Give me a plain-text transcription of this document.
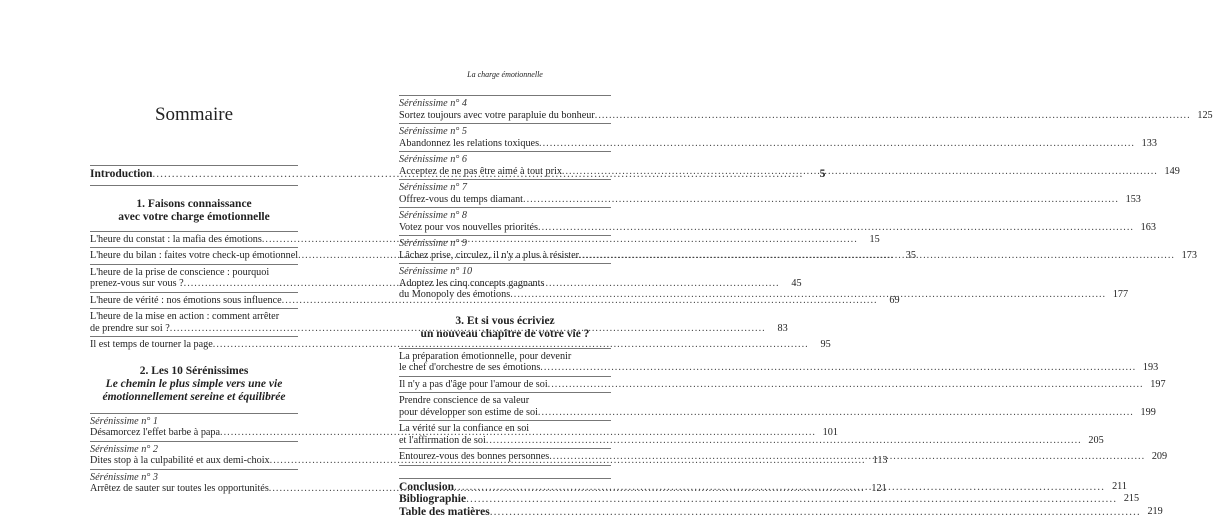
Sommaire
La charge émotionnelle
Introduction .....	5
1. Faisons connaissance
avec votre charge émotionnelle
L'heure du constat : la mafia des émotions .....	15
L'heure du bilan : faites votre check-up émotionnel .....	35
L'heure de la prise de conscience : pourquoi
prenez-vous sur vous ? .....	45
L'heure de vérité : nos émotions sous influence .....	69
L'heure de la mise en action : comment arrêter
de prendre sur soi ? .....	83
Il est temps de tourner la page .....	95
2. Les 10 Sérénissimes
Le chemin le plus simple vers une vie
émotionnellement sereine et équilibrée
Sérénissime n° 1
Désamorcez l'effet barbe à papa .....	101
Sérénissime n° 2
Dites stop à la culpabilité et aux demi-choix .....	113
Sérénissime n° 3
Arrêtez de sauter sur toutes les opportunités .....	121
Sérénissime n° 4
Sortez toujours avec votre parapluie du bonheur .....	125
Sérénissime n° 5
Abandonnez les relations toxiques .....	133
Sérénissime n° 6
Acceptez de ne pas être aimé à tout prix .....	149
Sérénissime n° 7
Offrez-vous du temps diamant .....	153
Sérénissime n° 8
Votez pour vos nouvelles priorités .....	163
Sérénissime n° 9
Lâchez prise, circulez, il n'y a plus à résister .....	173
Sérénissime n° 10
Adoptez les cinq concepts gagnants
du Monopoly des émotions .....	177
3. Et si vous écriviez
un nouveau chapitre de votre vie ?
La préparation émotionnelle, pour devenir
le chef d'orchestre de ses émotions .....	193
Il n'y a pas d'âge pour l'amour de soi .....	197
Prendre conscience de sa valeur
pour développer son estime de soi .....	199
La vérité sur la confiance en soi
et l'affirmation de soi .....	205
Entourez-vous des bonnes personnes .....	209
Conclusion .....	211
Bibliographie .....	215
Table des matières .....	219
